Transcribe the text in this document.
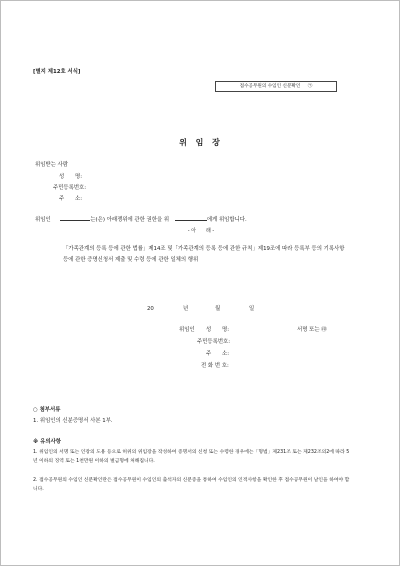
[별지 제12호 서식]
접수공무원의 수임인 신분확인 ㉠
위 임 장
위임받는 사람
성　　명:
주민등록번호:
주　　소:
위임인	는(은) 아래쟁위에 관한 권한을 위	에게 위임합니다.
- 아　　래 -
「가족관계의 등록 등에 관한 법률」제14조 및「가족관계의 등록 등에 관한 규칙」제19조에 따라 등록부 등의 기록사항 등에 관한 증명신청서 제출 및 수령 등에 관한 일체의 행위
20	년	월	일
위임인 성　　명:	서명 또는 ㊞
주민등록번호:
주　　소:
전 화 번 호:
○ 첨부서류
1. 위임인의 신분증명서 사본 1부.
※ 유의사항
1. 위임인의 서명 또는 인장의 도용 등으로 허위의 위임장을 작성하여 증명서의 신청 또는 수령한 경우에는「형법」제231조 또는 제232조의2에 따라 5년 이하의 징역 또는 1천만원 이하의 벌금형에 처해집니다.
2. 접수공무원의 수임인 신분확인란은 접수공무원이 수임인의 출석자의 신분증을 통하여 수임인의 인적사항을 확인한 후 접수공무원이 날인을 하여야 합니다.
